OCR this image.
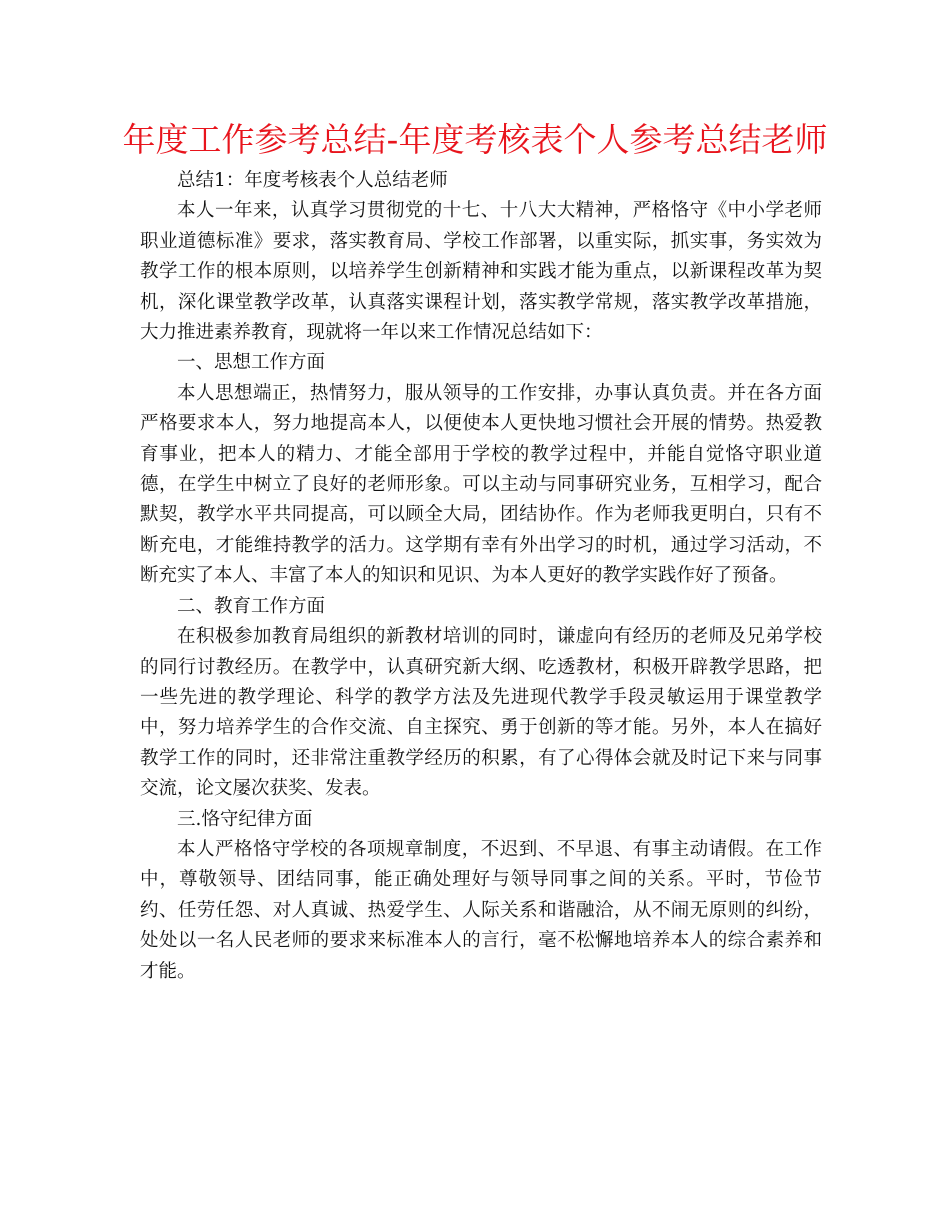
年度工作参考总结-年度考核表个人参考总结老师

总结1：年度考核表个人总结老师

本人一年来，认真学习贯彻党的十七、十八大大精神，严格恪守《中小学老师职业道德标准》要求，落实教育局、学校工作部署，以重实际，抓实事，务实效为教学工作的根本原则，以培养学生创新精神和实践才能为重点，以新课程改革为契机，深化课堂教学改革，认真落实课程计划，落实教学常规，落实教学改革措施，大力推进素养教育，现就将一年以来工作情况总结如下：

一、思想工作方面

本人思想端正，热情努力，服从领导的工作安排，办事认真负责。并在各方面严格要求本人，努力地提高本人，以便使本人更快地习惯社会开展的情势。热爱教育事业，把本人的精力、才能全部用于学校的教学过程中，并能自觉恪守职业道德，在学生中树立了良好的老师形象。可以主动与同事研究业务，互相学习，配合默契，教学水平共同提高，可以顾全大局，团结协作。作为老师我更明白，只有不断充电，才能维持教学的活力。这学期有幸有外出学习的时机，通过学习活动，不断充实了本人、丰富了本人的知识和见识、为本人更好的教学实践作好了预备。

二、教育工作方面

在积极参加教育局组织的新教材培训的同时，谦虚向有经历的老师及兄弟学校的同行讨教经历。在教学中，认真研究新大纲、吃透教材，积极开辟教学思路，把一些先进的教学理论、科学的教学方法及先进现代教学手段灵敏运用于课堂教学中，努力培养学生的合作交流、自主探究、勇于创新的等才能。另外，本人在搞好教学工作的同时，还非常注重教学经历的积累，有了心得体会就及时记下来与同事交流，论文屡次获奖、发表。

三.恪守纪律方面

本人严格恪守学校的各项规章制度，不迟到、不早退、有事主动请假。在工作中，尊敬领导、团结同事，能正确处理好与领导同事之间的关系。平时，节俭节约、任劳任怨、对人真诚、热爱学生、人际关系和谐融洽，从不闹无原则的纠纷，处处以一名人民老师的要求来标准本人的言行，毫不松懈地培养本人的综合素养和才能。
